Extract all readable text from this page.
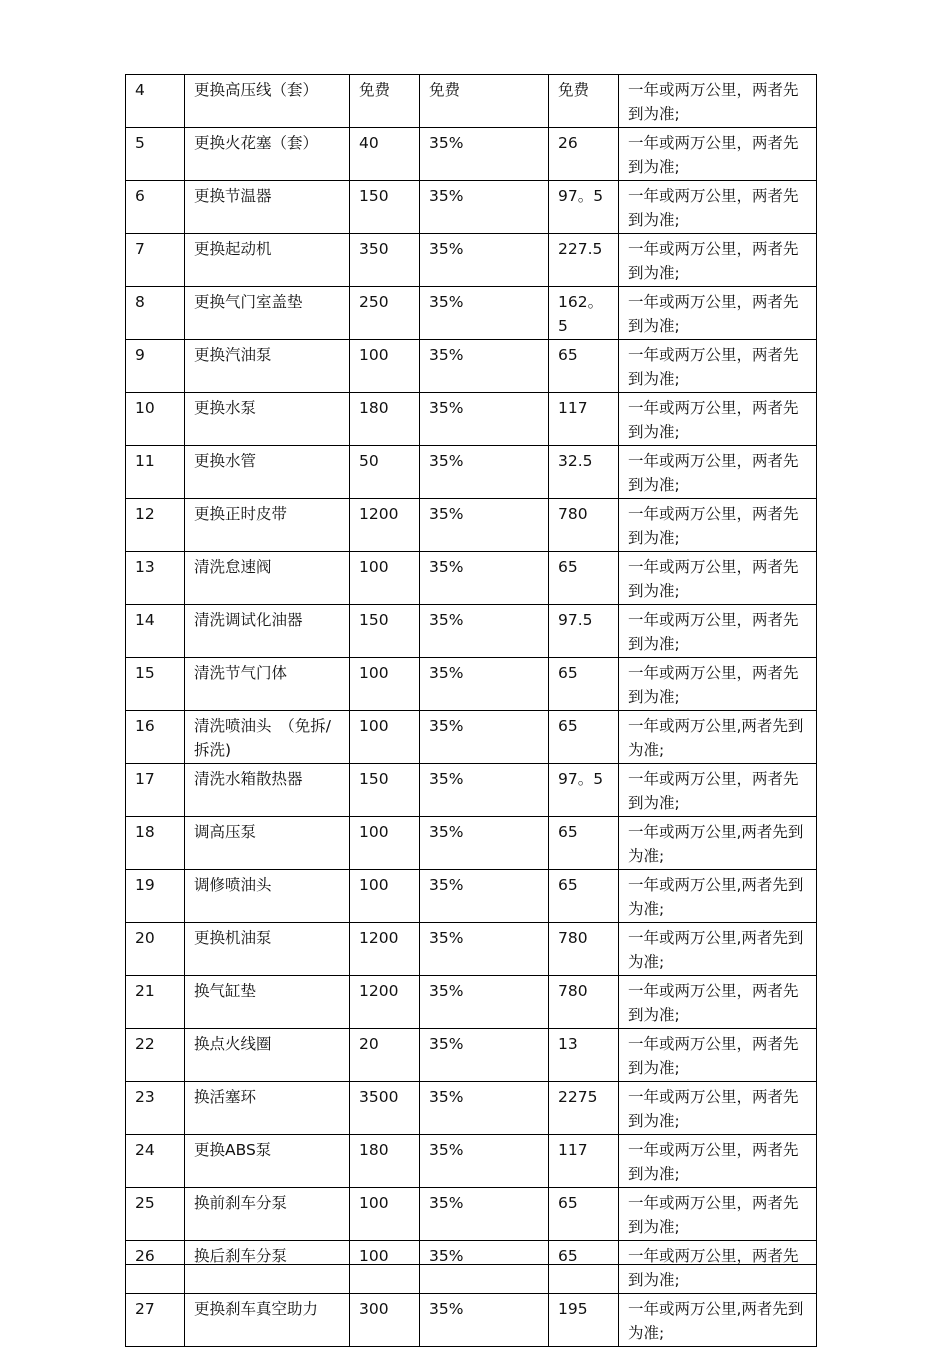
4	更换高压线（套）	免费	免费	免费	一年或两万公里，两者先到为准;
5	更换火花塞（套）	40	35%	26	一年或两万公里，两者先到为准;
6	更换节温器	150	35%	97。5	一年或两万公里，两者先到为准;
7	更换起动机	350	35%	227.5	一年或两万公里，两者先到为准;
8	更换气门室盖垫	250	35%	162。5	一年或两万公里，两者先到为准;
9	更换汽油泵	100	35%	65	一年或两万公里，两者先到为准;
10	更换水泵	180	35%	117	一年或两万公里，两者先到为准;
11	更换水管	50	35%	32.5	一年或两万公里，两者先到为准;
12	更换正时皮带	1200	35%	780	一年或两万公里，两者先到为准;
13	清洗怠速阀	100	35%	65	一年或两万公里，两者先到为准;
14	清洗调试化油器	150	35%	97.5	一年或两万公里，两者先到为准;
15	清洗节气门体	100	35%	65	一年或两万公里，两者先到为准;
16	清洗喷油头　（免拆/拆洗)	100	35%	65	一年或两万公里,两者先到为准;
17	清洗水箱散热器	150	35%	97。5	一年或两万公里，两者先到为准;
18	调高压泵	100	35%	65	一年或两万公里,两者先到为准;
19	调修喷油头	100	35%	65	一年或两万公里,两者先到为准;
20	更换机油泵	1200	35%	780	一年或两万公里,两者先到为准;
21	换气缸垫	1200	35%	780	一年或两万公里，两者先到为准;
22	换点火线圈	20	35%	13	一年或两万公里，两者先到为准;
23	换活塞环	3500	35%	2275	一年或两万公里，两者先到为准;
24	更换ABS泵	180	35%	117	一年或两万公里，两者先到为准;
25	换前刹车分泵	100	35%	65	一年或两万公里，两者先到为准;
26	换后刹车分泵	100	35%	65	一年或两万公里，两者先到为准;
27	更换刹车真空助力	300	35%	195	一年或两万公里,两者先到为准;
